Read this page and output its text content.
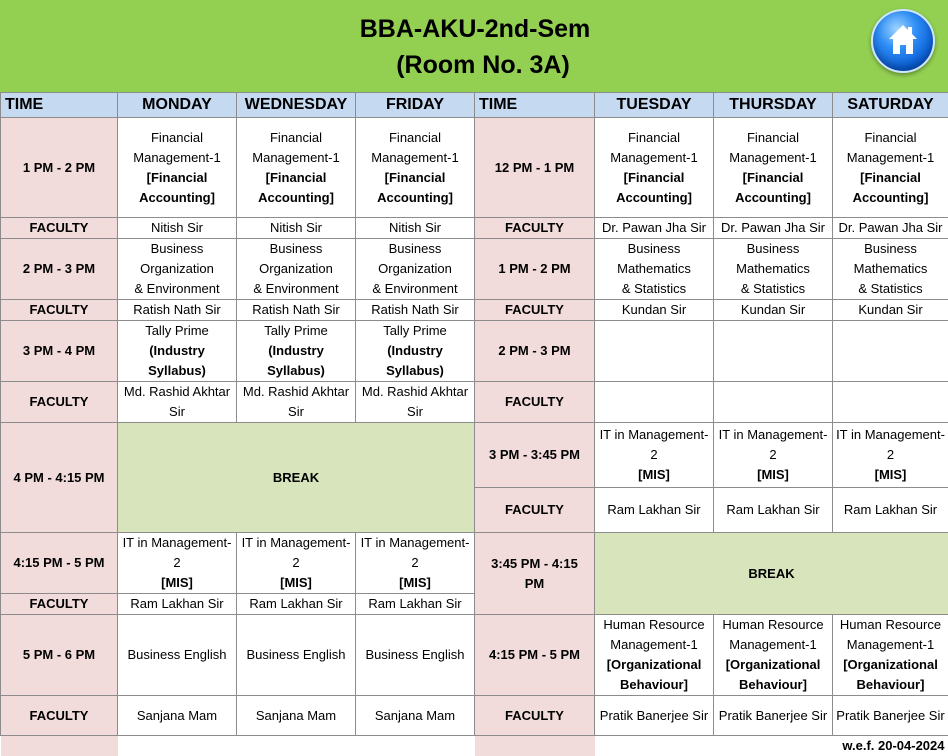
BBA-AKU-2nd-Sem
(Room No. 3A)
TIME	MONDAY	WEDNESDAY	FRIDAY	TIME	TUESDAY	THURSDAY	SATURDAY
1 PM - 2 PM	Financial
Management-1
[Financial
Accounting]	Financial
Management-1
[Financial
Accounting]	Financial
Management-1
[Financial
Accounting]	12 PM - 1 PM	Financial
Management-1
[Financial
Accounting]	Financial
Management-1
[Financial
Accounting]	Financial
Management-1
[Financial
Accounting]

FACULTY	Nitish Sir	Nitish Sir	Nitish Sir	FACULTY	Dr. Pawan Jha Sir	Dr. Pawan Jha Sir	Dr. Pawan Jha Sir
2 PM - 3 PM	Business
Organization
& Environment	Business
Organization
& Environment	Business
Organization
& Environment	1 PM - 2 PM	Business
Mathematics
& Statistics	Business
Mathematics
& Statistics	Business
Mathematics
& Statistics

FACULTY	Ratish Nath Sir	Ratish Nath Sir	Ratish Nath Sir	FACULTY	Kundan Sir	Kundan Sir	Kundan Sir
3 PM - 4 PM	Tally Prime
(Industry
Syllabus)	Tally Prime
(Industry
Syllabus)	Tally Prime
(Industry
Syllabus)	2 PM - 3 PM			
FACULTY	Md. Rashid Akhtar
Sir	Md. Rashid Akhtar
Sir	Md. Rashid Akhtar
Sir	FACULTY			
4 PM - 4:15 PM	BREAK			3 PM - 3:45 PM	IT in Management-
2
[MIS]	IT in Management-
2
[MIS]	IT in Management-
2
[MIS]

				FACULTY	Ram Lakhan Sir	Ram Lakhan Sir	Ram Lakhan Sir
4:15 PM - 5 PM	IT in Management-
2
[MIS]	IT in Management-
2
[MIS]	IT in Management-
2
[MIS]	3:45 PM - 4:15
PM	BREAK		
FACULTY	Ram Lakhan Sir	Ram Lakhan Sir	Ram Lakhan Sir				
5 PM - 6 PM	Business English	Business English	Business English	4:15 PM - 5 PM	Human Resource
Management-1
[Organizational
Behaviour]	Human Resource
Management-1
[Organizational
Behaviour]	Human Resource
Management-1
[Organizational
Behaviour]

FACULTY	Sanjana Mam	Sanjana Mam	Sanjana Mam	FACULTY	Pratik Banerjee Sir	Pratik Banerjee Sir	Pratik Banerjee Sir
							w.e.f. 20-04-2024
